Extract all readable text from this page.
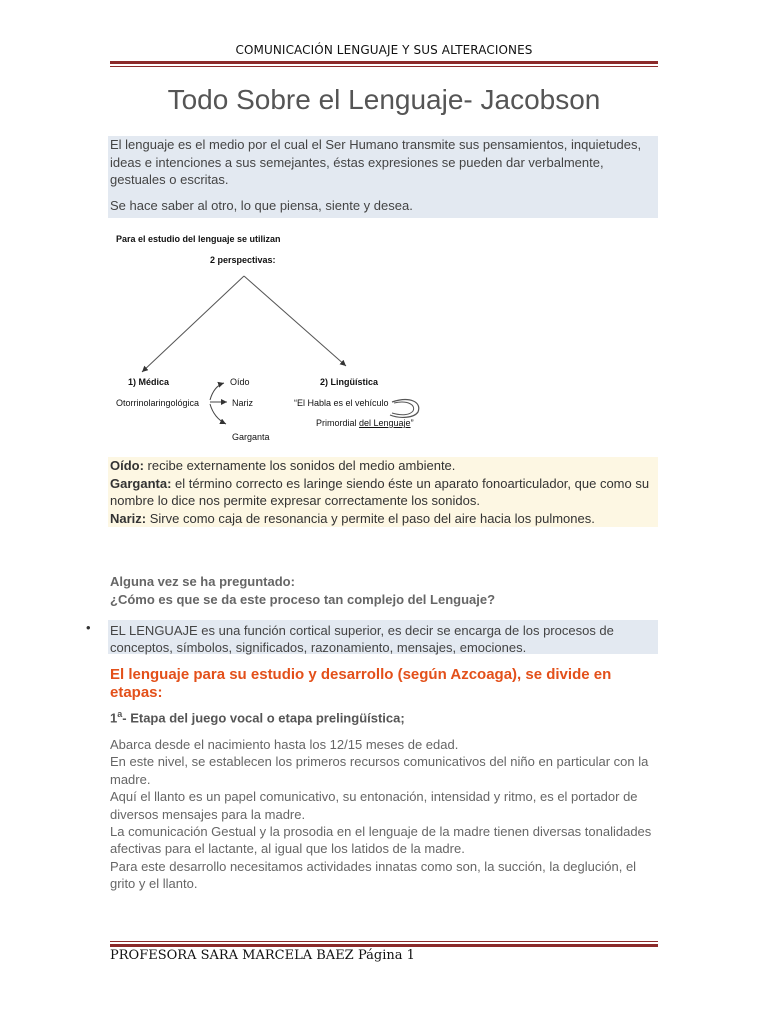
COMUNICACIÓN LENGUAJE Y SUS ALTERACIONES
Todo Sobre el Lenguaje- Jacobson

El lenguaje es el medio por el cual el Ser Humano transmite sus pensamientos, inquietudes, ideas e intenciones a sus semejantes, éstas expresiones se pueden dar verbalmente, gestuales o escritas.

Se hace saber al otro, lo que piensa, siente y desea.

Para el estudio del lenguaje se utilizan
2 perspectivas:
1) Médica
Otorrinolaringológica
Oído
Nariz
Garganta
2) Lingüística
“El Habla es el vehículo
Primordial del Lenguaje”

Oído: recibe externamente los sonidos del medio ambiente.

Garganta: el término correcto es laringe siendo éste un aparato fonoarticulador, que como su nombre lo dice nos permite expresar correctamente los sonidos.

Nariz: Sirve como caja de resonancia y permite el paso del aire hacia los pulmones.

Alguna vez se ha preguntado:
¿Cómo es que se da este proceso tan complejo del Lenguaje?
• EL LENGUAJE es una función cortical superior, es decir se encarga de los procesos de conceptos, símbolos, significados, razonamiento, mensajes, emociones.

El lenguaje para su estudio y desarrollo (según Azcoaga), se divide en etapas:
1$^a$- Etapa del juego vocal o etapa prelingüística;
Abarca desde el nacimiento hasta los 12/15 meses de edad.
En este nivel, se establecen los primeros recursos comunicativos del niño en particular con la madre.
Aquí el llanto es un papel comunicativo, su entonación, intensidad y ritmo, es el portador de diversos mensajes para la madre.
La comunicación Gestual y la prosodia en el lenguaje de la madre tienen diversas tonalidades afectivas para el lactante, al igual que los latidos de la madre.
Para este desarrollo necesitamos actividades innatas como son, la succión, la deglución, el grito y el llanto.
PROFESORA SARA MARCELA BAEZ Página 1
